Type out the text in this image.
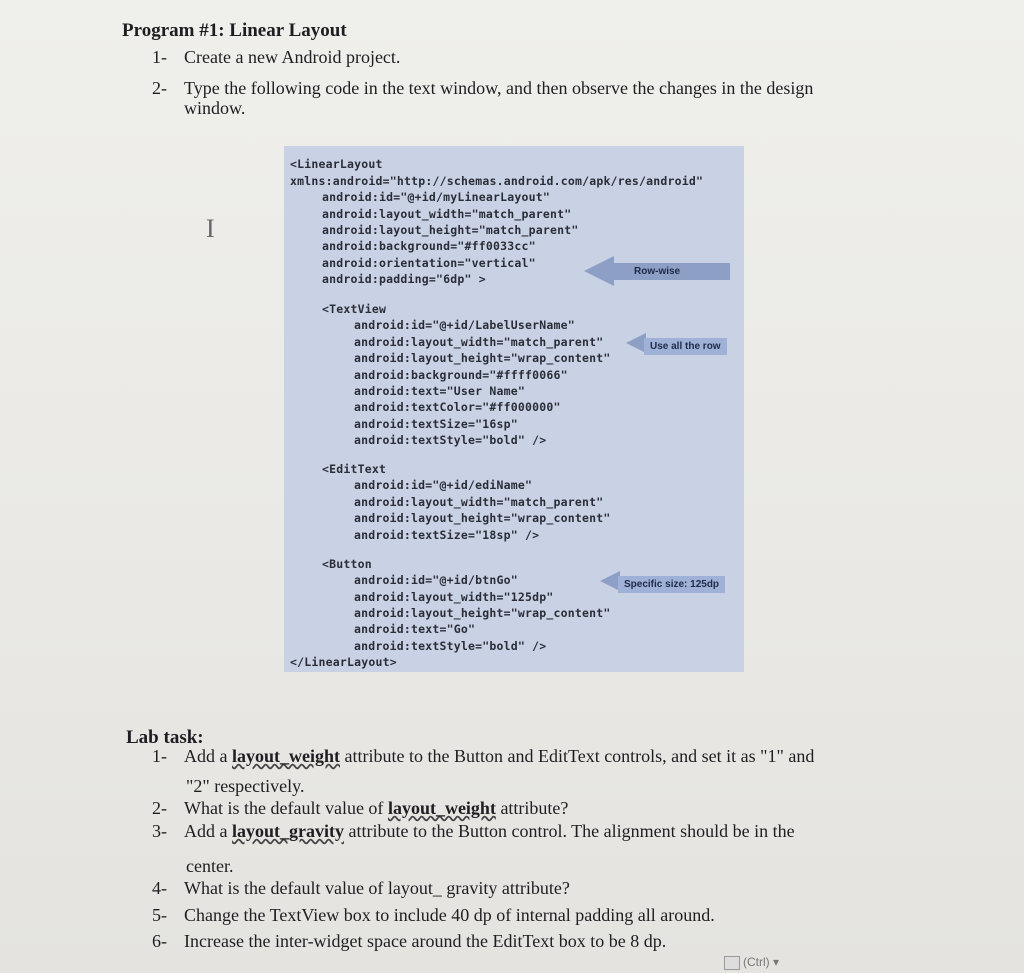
Program #1: Linear Layout
1- Create a new Android project.
2- Type the following code in the text window, and then observe the changes in the design
window.
I
<LinearLayout
xmlns:android="http://schemas.android.com/apk/res/android"
android:id="@+id/myLinearLayout"
android:layout_width="match_parent"
android:layout_height="match_parent"
android:background="#ff0033cc"
android:orientation="vertical"
android:padding="6dp" >
<TextView
android:id="@+id/LabelUserName"
android:layout_width="match_parent"
android:layout_height="wrap_content"
android:background="#ffff0066"
android:text="User Name"
android:textColor="#ff000000"
android:textSize="16sp"
android:textStyle="bold" />
<EditText
android:id="@+id/ediName"
android:layout_width="match_parent"
android:layout_height="wrap_content"
android:textSize="18sp" />
<Button
android:id="@+id/btnGo"
android:layout_width="125dp"
android:layout_height="wrap_content"
android:text="Go"
android:textStyle="bold" />
</LinearLayout>
Row-wise
Use all the row
Specific size: 125dp
Lab task:
1- Add a layout_weight attribute to the Button and EditText controls, and set it as "1" and
"2" respectively.
2- What is the default value of layout_weight attribute?
3- Add a layout_gravity attribute to the Button control. The alignment should be in the
center.
4- What is the default value of layout_ gravity attribute?
5- Change the TextView box to include 40 dp of internal padding all around.
6- Increase the inter-widget space around the EditText box to be 8 dp.
(Ctrl) ▾
